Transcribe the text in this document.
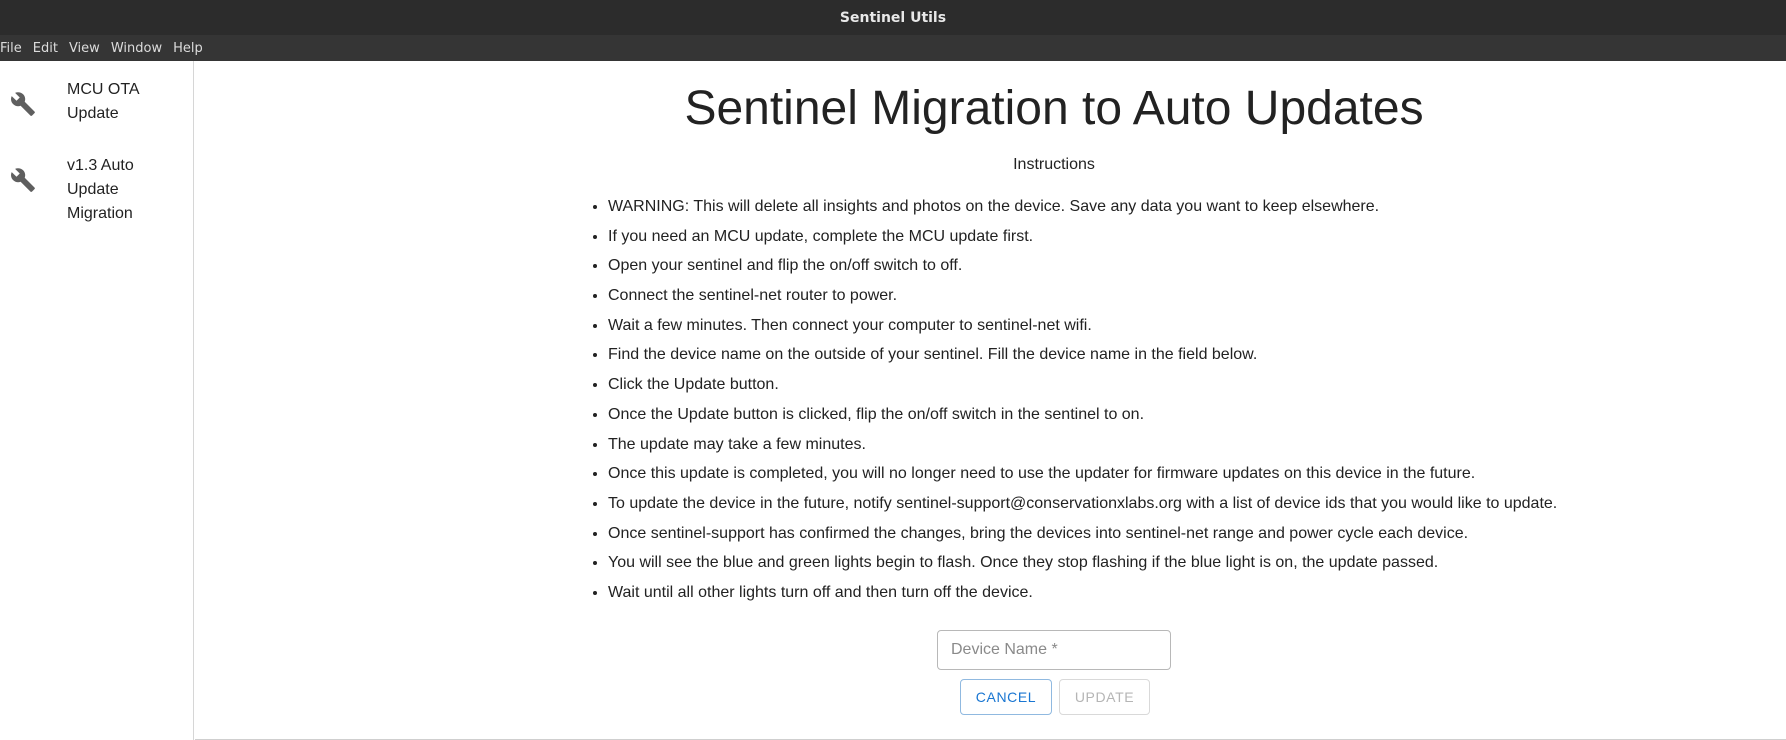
Sentinel Utils
File Edit View Window Help
MCU OTA Update
v1.3 Auto Update Migration
Sentinel Migration to Auto Updates
Instructions
• WARNING: This will delete all insights and photos on the device. Save any data you want to keep elsewhere.
• If you need an MCU update, complete the MCU update first.
• Open your sentinel and flip the on/off switch to off.
• Connect the sentinel-net router to power.
• Wait a few minutes. Then connect your computer to sentinel-net wifi.
• Find the device name on the outside of your sentinel. Fill the device name in the field below.
• Click the Update button.
• Once the Update button is clicked, flip the on/off switch in the sentinel to on.
• The update may take a few minutes.
• Once this update is completed, you will no longer need to use the updater for firmware updates on this device in the future.
• To update the device in the future, notify sentinel-support@conservationxlabs.org with a list of device ids that you would like to update.
• Once sentinel-support has confirmed the changes, bring the devices into sentinel-net range and power cycle each device.
• You will see the blue and green lights begin to flash. Once they stop flashing if the blue light is on, the update passed.
• Wait until all other lights turn off and then turn off the device.
Device Name *
CANCEL	UPDATE
